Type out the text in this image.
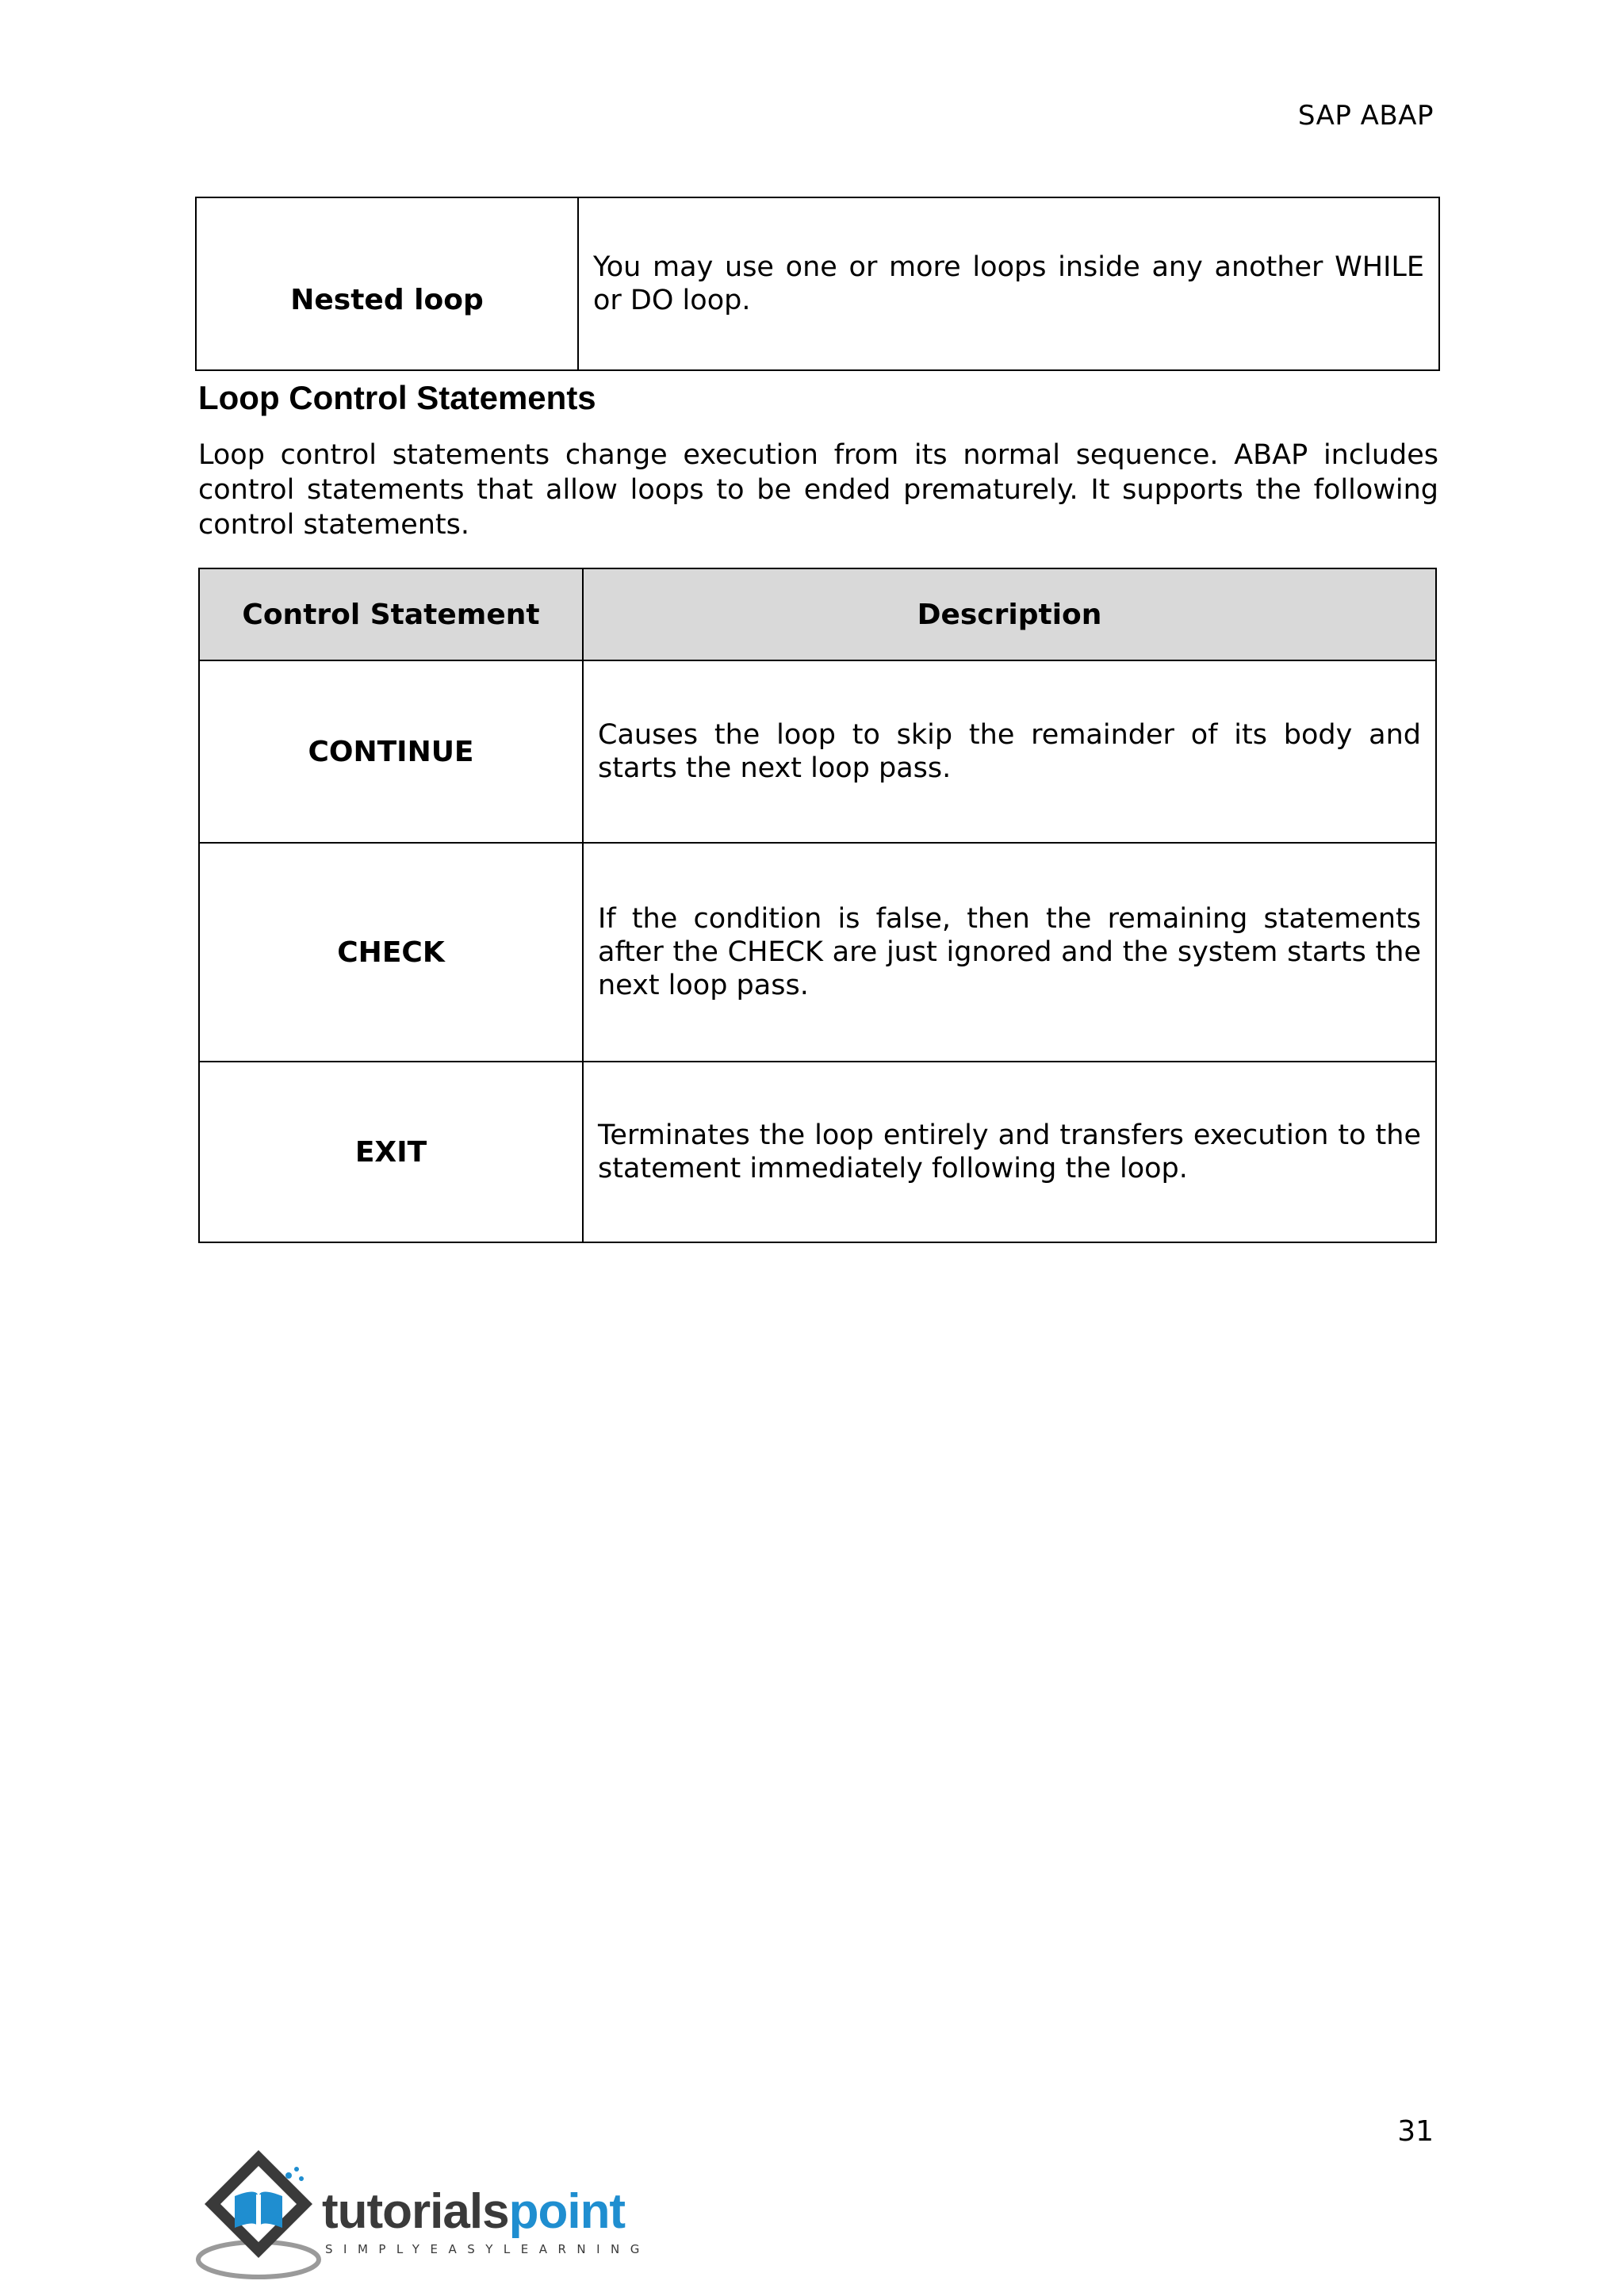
SAP ABAP
Nested loop	You may use one or more loops inside any another WHILE or DO loop.
Loop Control Statements

Loop control statements change execution from its normal sequence. ABAP includes control statements that allow loops to be ended prematurely. It supports the following control statements.

Control Statement	Description
CONTINUE	Causes the loop to skip the remainder of its body and starts the next loop pass.
CHECK	If the condition is false, then the remaining statements after the CHECK are just ignored and the system starts the next loop pass.
EXIT	Terminates the loop entirely and transfers execution to the statement immediately following the loop.
31
tutorialspoint
SIMPLYEASYLEARNING
